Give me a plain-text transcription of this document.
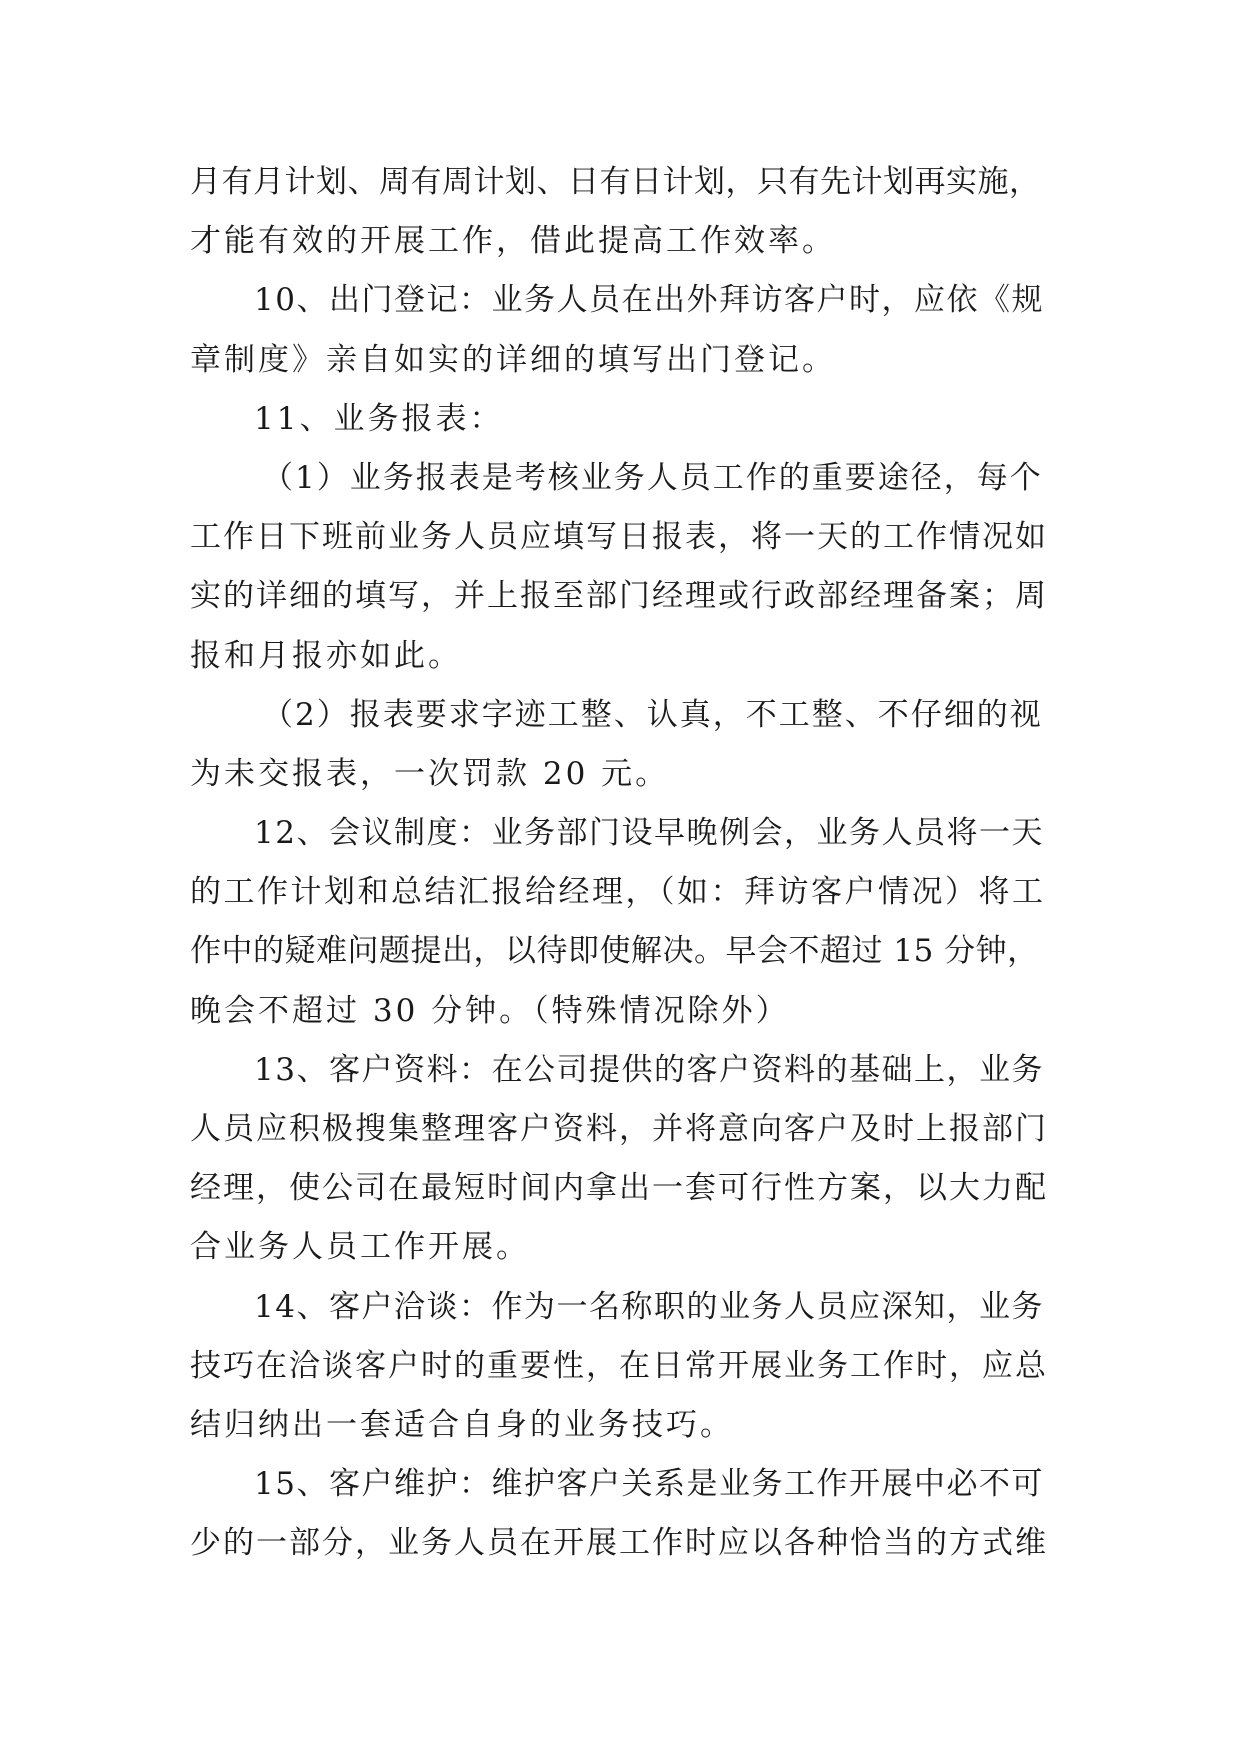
月有月计划、周有周计划、日有日计划，只有先计划再实施，
才能有效的开展工作，借此提高工作效率。
10、出门登记：业务人员在出外拜访客户时，应依《规
章制度》亲自如实的详细的填写出门登记。
11、业务报表：
（1）业务报表是考核业务人员工作的重要途径，每个
工作日下班前业务人员应填写日报表，将一天的工作情况如
实的详细的填写，并上报至部门经理或行政部经理备案；周
报和月报亦如此。
（2）报表要求字迹工整、认真，不工整、不仔细的视
为未交报表，一次罚款 20 元。
12、会议制度：业务部门设早晚例会，业务人员将一天
的工作计划和总结汇报给经理，（如：拜访客户情况）将工
作中的疑难问题提出，以待即使解决。早会不超过 15 分钟，
晚会不超过 30 分钟。（特殊情况除外）
13、客户资料：在公司提供的客户资料的基础上，业务
人员应积极搜集整理客户资料，并将意向客户及时上报部门
经理，使公司在最短时间内拿出一套可行性方案，以大力配
合业务人员工作开展。
14、客户洽谈：作为一名称职的业务人员应深知，业务
技巧在洽谈客户时的重要性，在日常开展业务工作时，应总
结归纳出一套适合自身的业务技巧。
15、客户维护：维护客户关系是业务工作开展中必不可
少的一部分，业务人员在开展工作时应以各种恰当的方式维
